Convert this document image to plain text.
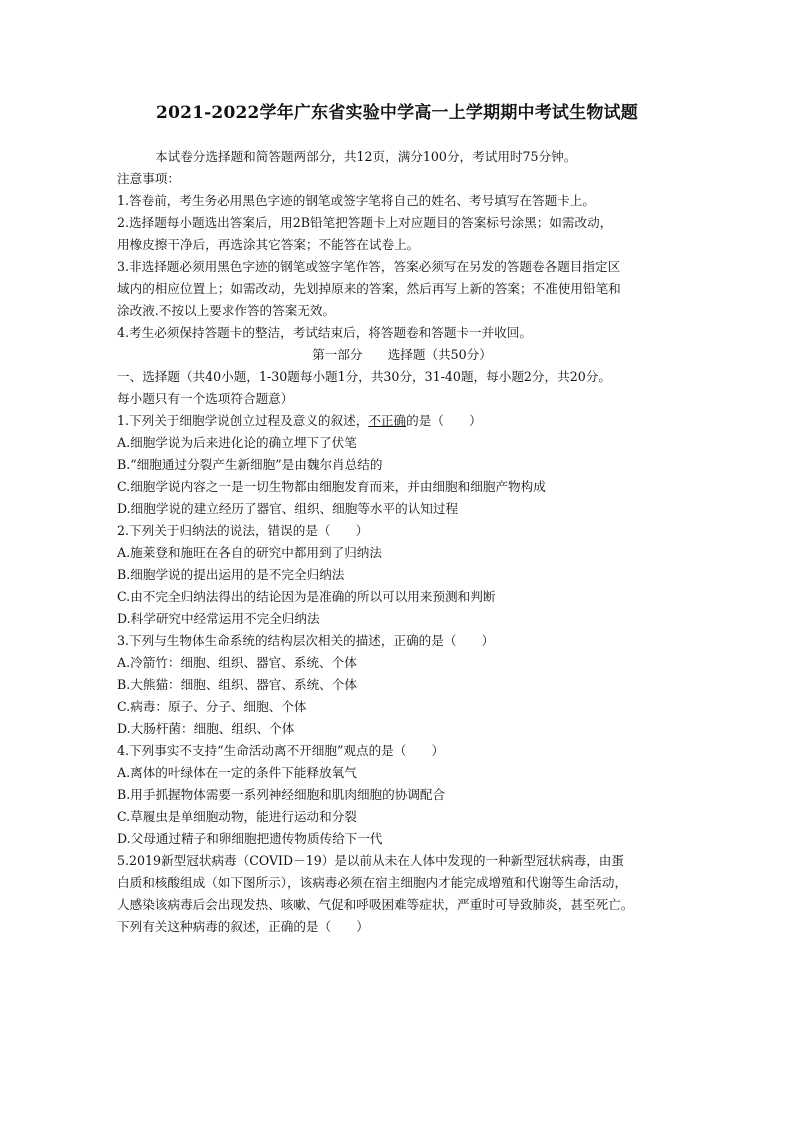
2021-2022学年广东省实验中学高一上学期期中考试生物试题
本试卷分选择题和简答题两部分，共12页，满分100分，考试用时75分钟。
注意事项：
1.答卷前，考生务必用黑色字迹的钢笔或签字笔将自己的姓名、考号填写在答题卡上。
2.选择题每小题选出答案后，用2B铅笔把答题卡上对应题目的答案标号涂黑；如需改动，
用橡皮擦干净后，再选涂其它答案；不能答在试卷上。
3.非选择题必须用黑色字迹的钢笔或签字笔作答，答案必须写在另发的答题卷各题目指定区
域内的相应位置上；如需改动，先划掉原来的答案，然后再写上新的答案；不准使用铅笔和
涂改液.不按以上要求作答的答案无效。
4.考生必须保持答题卡的整洁，考试结束后，将答题卷和答题卡一并收回。
第一部分　　选择题（共50分）
一、选择题（共40小题，1-30题每小题1分，共30分，31-40题，每小题2分，共20分。
每小题只有一个选项符合题意）
1.下列关于细胞学说创立过程及意义的叙述，不正确的是（　　）
A.细胞学说为后来进化论的确立埋下了伏笔
B.“细胞通过分裂产生新细胞”是由魏尔肖总结的
C.细胞学说内容之一是一切生物都由细胞发育而来，并由细胞和细胞产物构成
D.细胞学说的建立经历了器官、组织、细胞等水平的认知过程
2.下列关于归纳法的说法，错误的是（　　）
A.施莱登和施旺在各自的研究中都用到了归纳法
B.细胞学说的提出运用的是不完全归纳法
C.由不完全归纳法得出的结论因为是准确的所以可以用来预测和判断
D.科学研究中经常运用不完全归纳法
3.下列与生物体生命系统的结构层次相关的描述，正确的是（　　）
A.冷箭竹：细胞、组织、器官、系统、个体
B.大熊猫：细胞、组织、器官、系统、个体
C.病毒：原子、分子、细胞、个体
D.大肠杆菌：细胞、组织、个体
4.下列事实不支持“生命活动离不开细胞”观点的是（　　）
A.离体的叶绿体在一定的条件下能释放氧气
B.用手抓握物体需要一系列神经细胞和肌肉细胞的协调配合
C.草履虫是单细胞动物，能进行运动和分裂
D.父母通过精子和卵细胞把遗传物质传给下一代
5.2019新型冠状病毒（COVID－19）是以前从未在人体中发现的一种新型冠状病毒，由蛋
白质和核酸组成（如下图所示），该病毒必须在宿主细胞内才能完成增殖和代谢等生命活动，
人感染该病毒后会出现发热、咳嗽、气促和呼吸困难等症状，严重时可导致肺炎，甚至死亡。
下列有关这种病毒的叙述，正确的是（　　）
